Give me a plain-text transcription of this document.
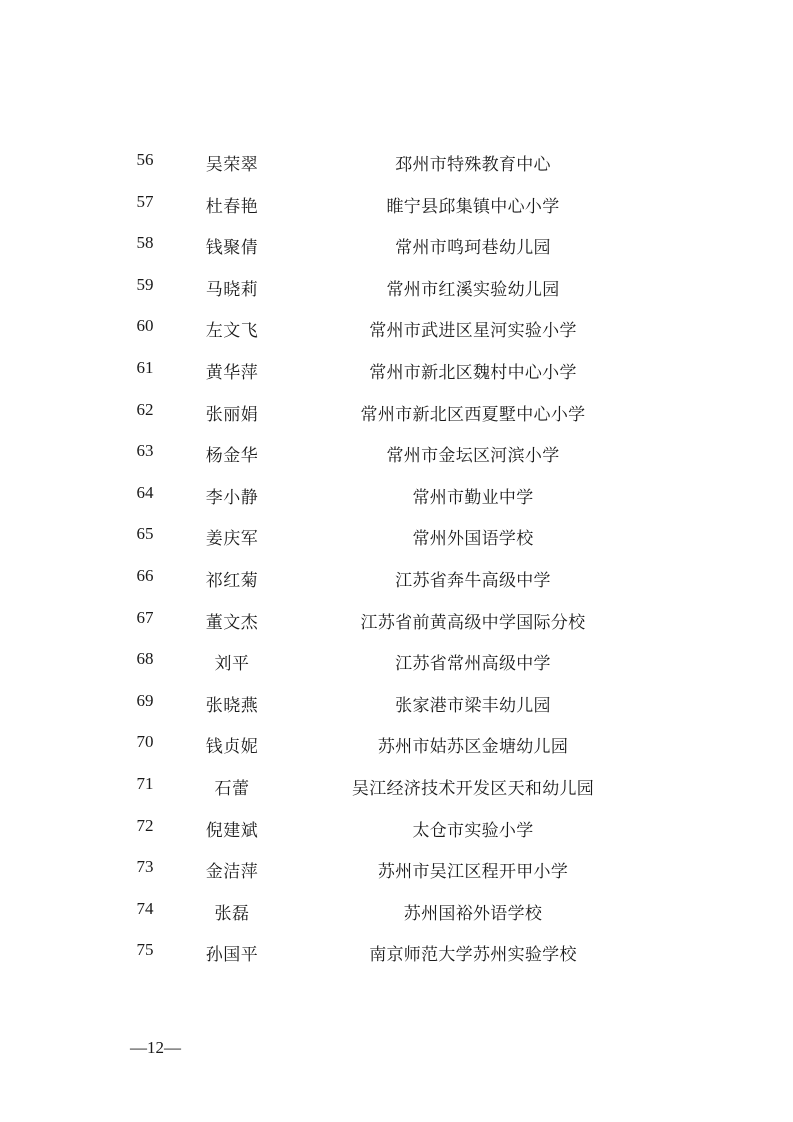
56	吴荣翠	邳州市特殊教育中心
57	杜春艳	睢宁县邱集镇中心小学
58	钱聚倩	常州市鸣珂巷幼儿园
59	马晓莉	常州市红溪实验幼儿园
60	左文飞	常州市武进区星河实验小学
61	黄华萍	常州市新北区魏村中心小学
62	张丽娟	常州市新北区西夏墅中心小学
63	杨金华	常州市金坛区河滨小学
64	李小静	常州市勤业中学
65	姜庆军	常州外国语学校
66	祁红菊	江苏省奔牛高级中学
67	董文杰	江苏省前黄高级中学国际分校
68	刘平	江苏省常州高级中学
69	张晓燕	张家港市梁丰幼儿园
70	钱贞妮	苏州市姑苏区金塘幼儿园
71	石蕾	吴江经济技术开发区天和幼儿园
72	倪建斌	太仓市实验小学
73	金洁萍	苏州市吴江区程开甲小学
74	张磊	苏州国裕外语学校
75	孙国平	南京师范大学苏州实验学校
—12—
